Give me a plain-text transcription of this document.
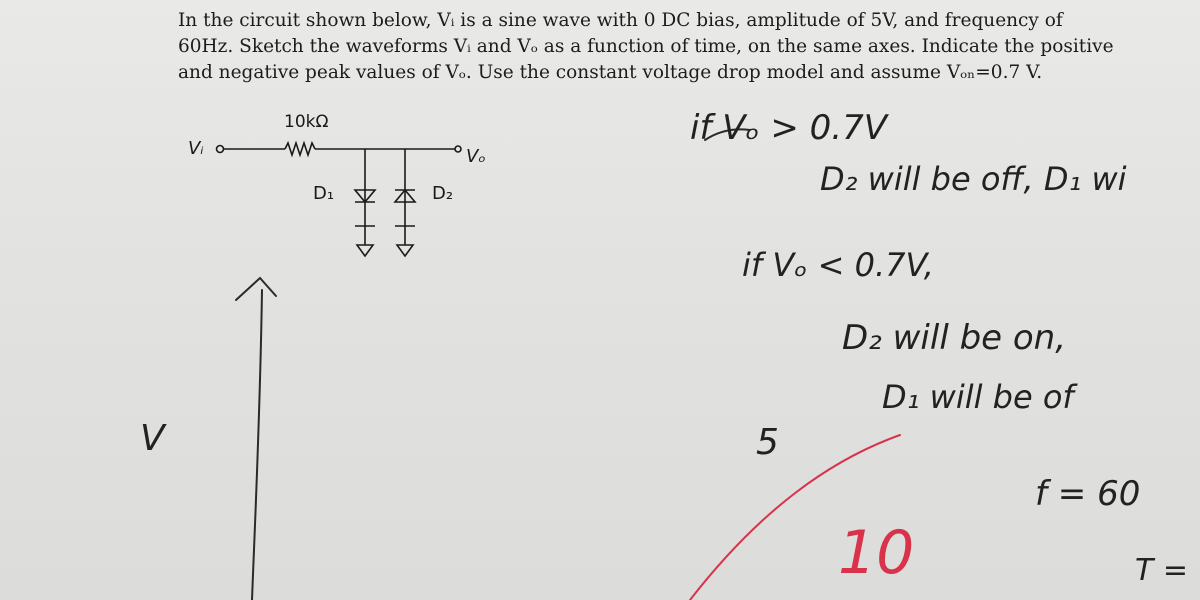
In the circuit shown below, Vᵢ is a sine wave with 0 DC bias, amplitude of 5V, and frequency of

60Hz. Sketch the waveforms Vᵢ and Vₒ as a function of time, on the same axes. Indicate the positive

and negative peak values of Vₒ. Use the constant voltage drop model and assume Vₒₙ=0.7 V.

10kΩ
Vᵢ	Vₒ
D₁	D₂
if Vₒ > 0.7V
D₂ will be off, D₁ wi
if Vₒ < 0.7V,
D₂ will be on,
D₁ will be of
f = 60
T =
5
10
V
